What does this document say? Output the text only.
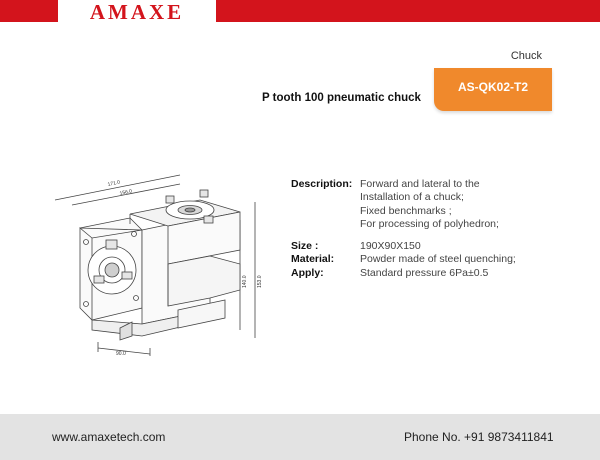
AMAXE
Chuck
AS-QK02-T2
P tooth 100 pneumatic chuck
171.0
156.0
140.0 153.0
90.0
Description: Forward and lateral to the
Installation of a chuck;
Fixed benchmarks ;
For processing of polyhedron;
Size :	190X90X150
Material: Powder made of steel quenching;
Apply:	Standard pressure 6Pa±0.5
www.amaxetech.com	Phone No. +91 9873411841
